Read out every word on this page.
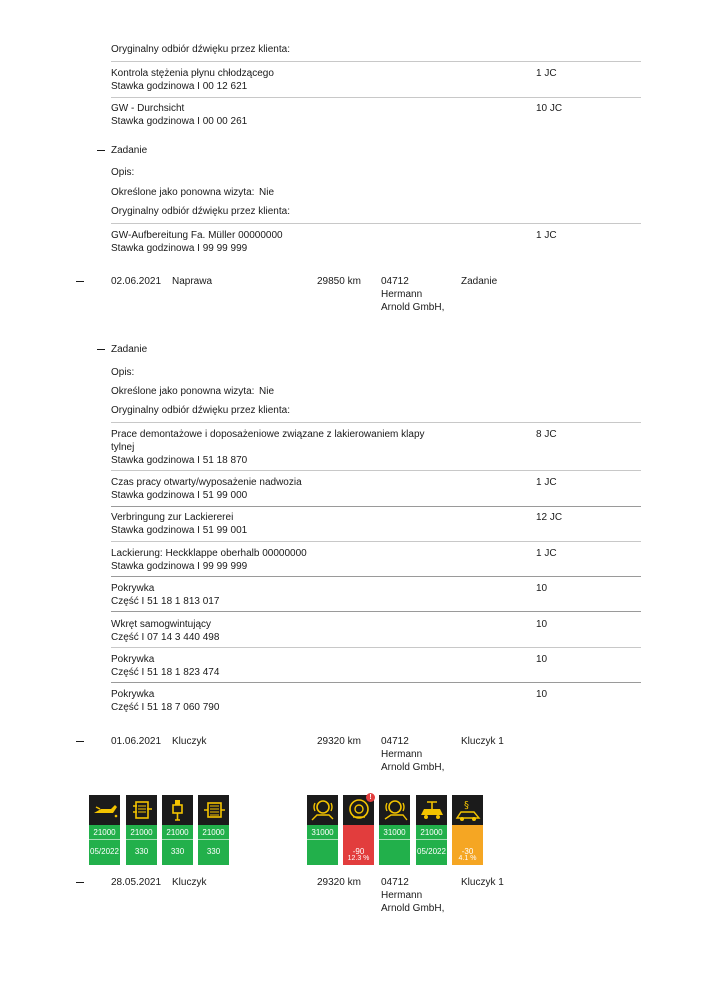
Oryginalny odbiór dźwięku przez klienta:
Kontrola stężenia płynu chłodzącego
Stawka godzinowa I 00 12 621
1 JC
GW - Durchsicht
Stawka godzinowa I 00 00 261
10 JC
Zadanie
Opis:
Określone jako ponowna wizyta: Nie
Oryginalny odbiór dźwięku przez klienta:
GW-Aufbereitung Fa. Müller 00000000
Stawka godzinowa I 99 99 999
1 JC
02.06.2021 Naprawa	29850 km 04712
Hermann
Arnold GmbH,
Zadanie
Zadanie
Opis:
Określone jako ponowna wizyta: Nie
Oryginalny odbiór dźwięku przez klienta:
Prace demontażowe i doposażeniowe związane z lakierowaniem klapy
tylnej
Stawka godzinowa I 51 18 870
8 JC
Czas pracy otwarty/wyposażenie nadwozia
Stawka godzinowa I 51 99 000
1 JC
Verbringung zur Lackiererei
Stawka godzinowa I 51 99 001
12 JC
Lackierung: Heckklappe oberhalb 00000000
Stawka godzinowa I 99 99 999
1 JC
Pokrywka
Część I 51 18 1 813 017
10
Wkręt samogwintujący
Część I 07 14 3 440 498
10
Pokrywka
Część I 51 18 1 823 474
10
Pokrywka
Część I 51 18 7 060 790
10
01.06.2021 Kluczyk	29320 km 04712
Hermann
Arnold GmbH,
Kluczyk 1
21000
05/2022
21000
330
21000
330
21000
330
31000
!
-90
12.3 %
31000	21000
05/2022
§
-30
4.1 %
28.05.2021 Kluczyk	29320 km 04712
Hermann
Arnold GmbH,
Kluczyk 1
